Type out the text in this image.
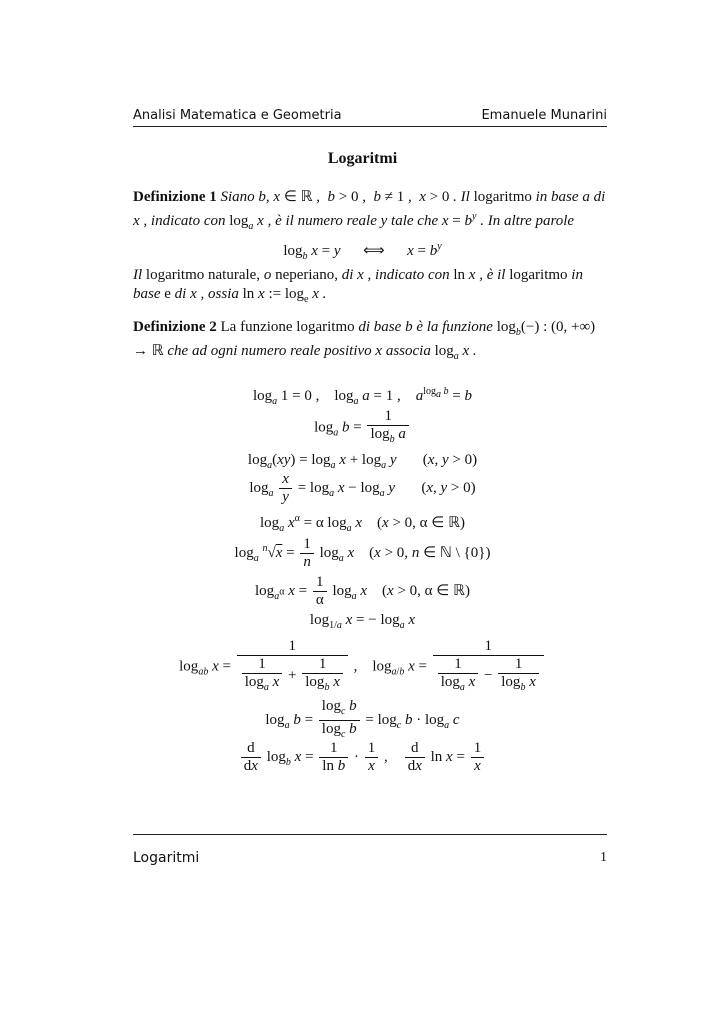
Analisi Matematica e Geometria	Emanuele Munarini
Logaritmi
Definizione 1 Siano b, x ∈ ℝ ,  b > 0 ,  b ≠ 1 ,  x > 0 . Il logaritmo in base a di x , indicato con $\log_a x$ , è il numero reale y tale che $x = b^y$ . In altre parole
$\log_b x = y$      ⟺      $x = b^y$
Il logaritmo naturale, o neperiano, di x , indicato con ln x , è il logaritmo in base e di x , ossia ln x := $\log_e x$ .
Definizione 2 La funzione logaritmo di base b è la funzione $\log_b(-)$ : (0, +∞) → ℝ che ad ogni numero reale positivo x associa $\log_a x$ .
$\log_a 1 = 0$ ,    $\log_a a = 1$ ,    $a^{log_a b} = b$
$\log_a b = \frac{1}{\log_b a}$
$\log_a(xy) = \log_a x + \log_a y$       (x, y > 0)
$\log_a \frac{x}{y} = \log_a x - \log_a y$       (x, y > 0)
$\log_a x^\alpha = \alpha$ $\log_a x$    (x > 0, α ∈ ℝ)
$\log_a ^n√x = \frac{1}{n} \log_a x$    (x > 0, n ∈ ℕ \ {0})
$\log_{a^\alpha} x = \frac{1}{\alpha} \log_a x$    (x > 0, α ∈ ℝ)
$\log_{1/a} x$ = − $\log_a x$
$\log_{ab} x = \frac{1}{\frac{1}{\log_a x} + \frac{1}{\log_b x}}$ ,    $\log_{a/b} x = \frac{1}{\frac{1}{\log_a x} - \frac{1}{\log_b x}}$
$\log_a b = \frac{\log_c b}{\log_c b} = \log_c b \cdot \log_a c$
$\frac{d}{dx} \log_b x = \frac{1}{\text{ln b}} \cdot \frac{1}{x}$ , $\frac{d}{dx}$ $\ln x = \frac{1}{x}$
Logaritmi	1
